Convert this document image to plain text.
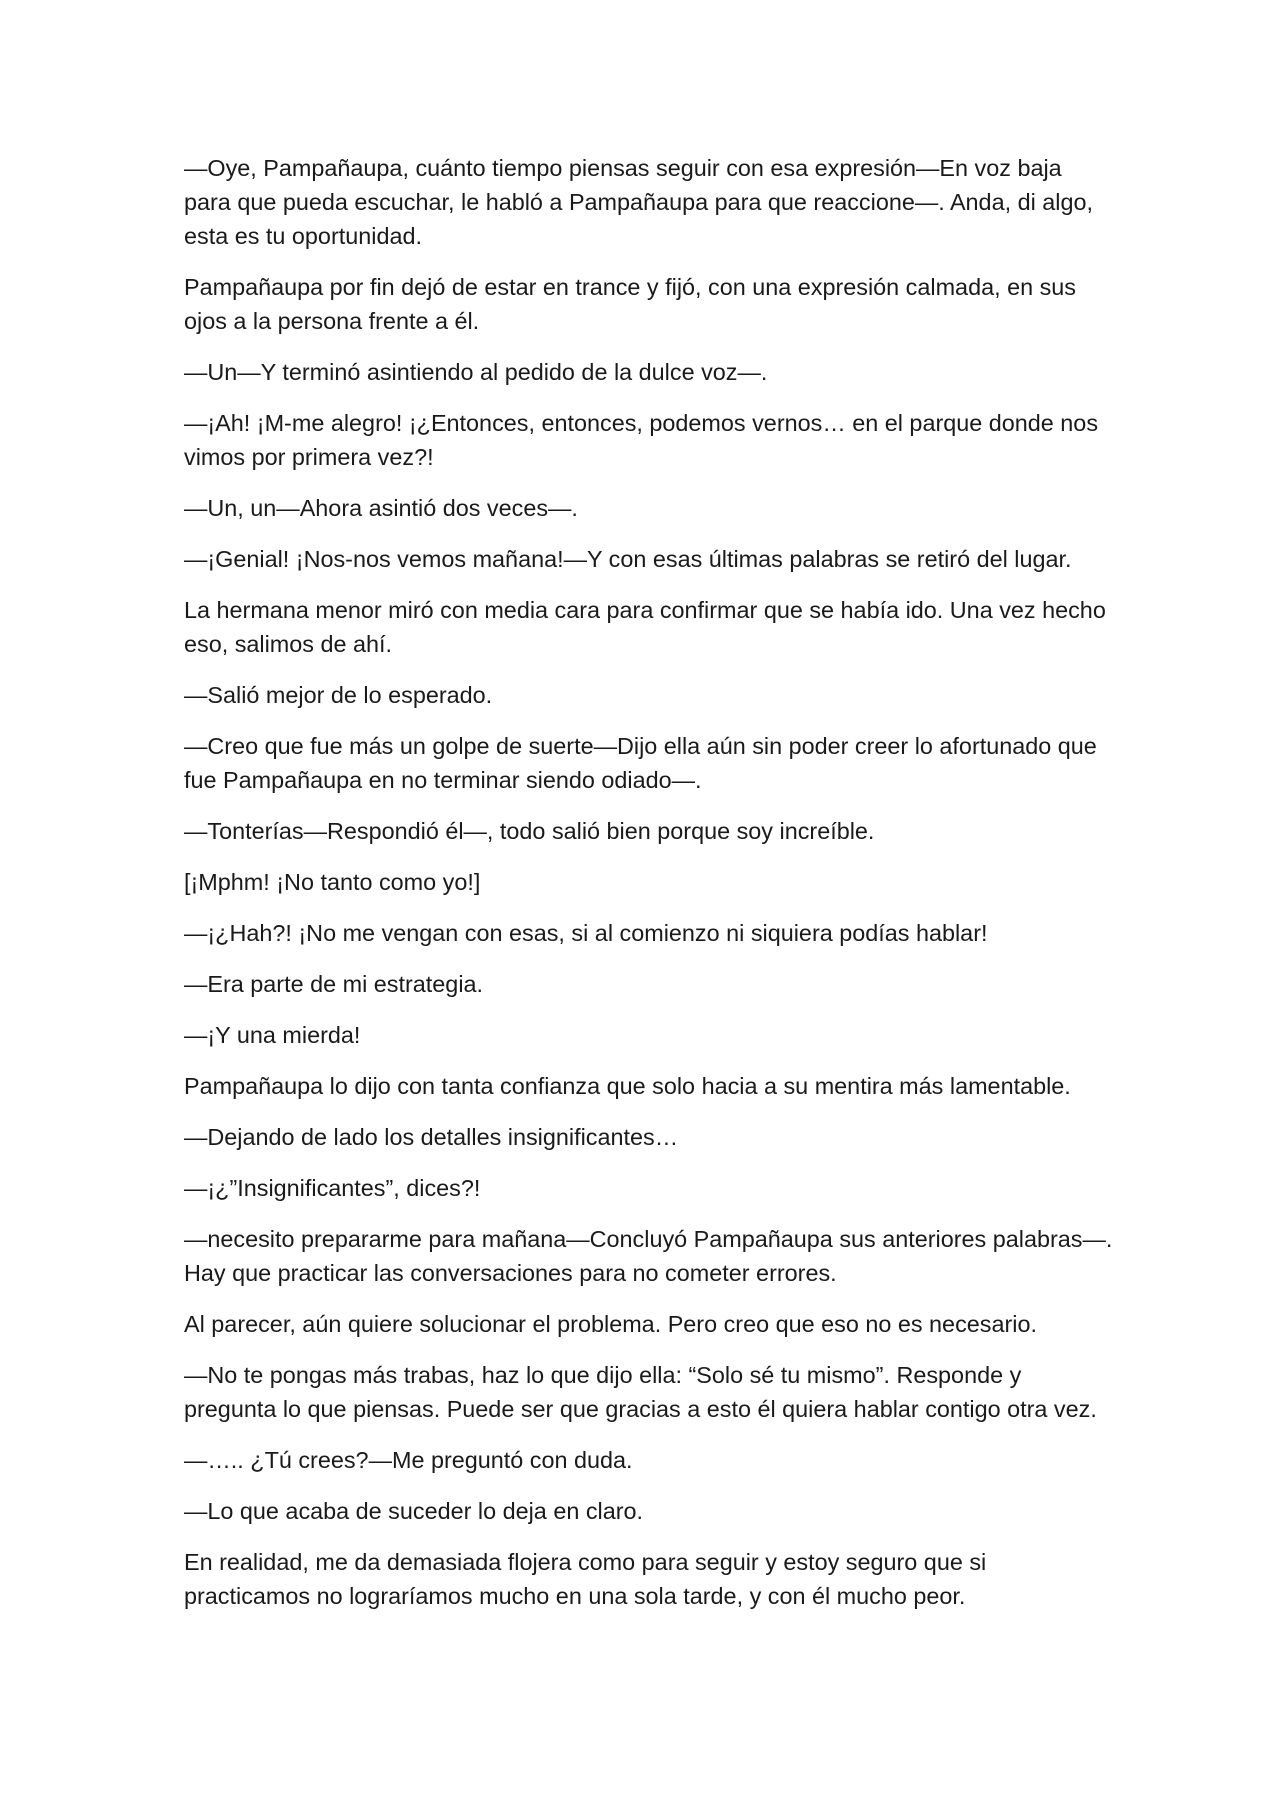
—Oye, Pampañaupa, cuánto tiempo piensas seguir con esa expresión—En voz baja para que pueda escuchar, le habló a Pampañaupa para que reaccione—. Anda, di algo, esta es tu oportunidad.

Pampañaupa por fin dejó de estar en trance y fijó, con una expresión calmada, en sus ojos a la persona frente a él.

—Un—Y terminó asintiendo al pedido de la dulce voz—.

—¡Ah! ¡M-me alegro! ¡¿Entonces, entonces, podemos vernos… en el parque donde nos vimos por primera vez?!

—Un, un—Ahora asintió dos veces—.

—¡Genial! ¡Nos-nos vemos mañana!—Y con esas últimas palabras se retiró del lugar.

La hermana menor miró con media cara para confirmar que se había ido. Una vez hecho eso, salimos de ahí.

—Salió mejor de lo esperado.

—Creo que fue más un golpe de suerte—Dijo ella aún sin poder creer lo afortunado que fue Pampañaupa en no terminar siendo odiado—.

—Tonterías—Respondió él—, todo salió bien porque soy increíble.

[¡Mphm! ¡No tanto como yo!]

—¡¿Hah?! ¡No me vengan con esas, si al comienzo ni siquiera podías hablar!

—Era parte de mi estrategia.

—¡Y una mierda!

Pampañaupa lo dijo con tanta confianza que solo hacia a su mentira más lamentable.

—Dejando de lado los detalles insignificantes…

—¡¿”Insignificantes”, dices?!

—necesito prepararme para mañana—Concluyó Pampañaupa sus anteriores palabras—. Hay que practicar las conversaciones para no cometer errores.

Al parecer, aún quiere solucionar el problema. Pero creo que eso no es necesario.

—No te pongas más trabas, haz lo que dijo ella: “Solo sé tu mismo”. Responde y pregunta lo que piensas. Puede ser que gracias a esto él quiera hablar contigo otra vez.

—….. ¿Tú crees?—Me preguntó con duda.

—Lo que acaba de suceder lo deja en claro.

En realidad, me da demasiada flojera como para seguir y estoy seguro que si practicamos no lograríamos mucho en una sola tarde, y con él mucho peor.
